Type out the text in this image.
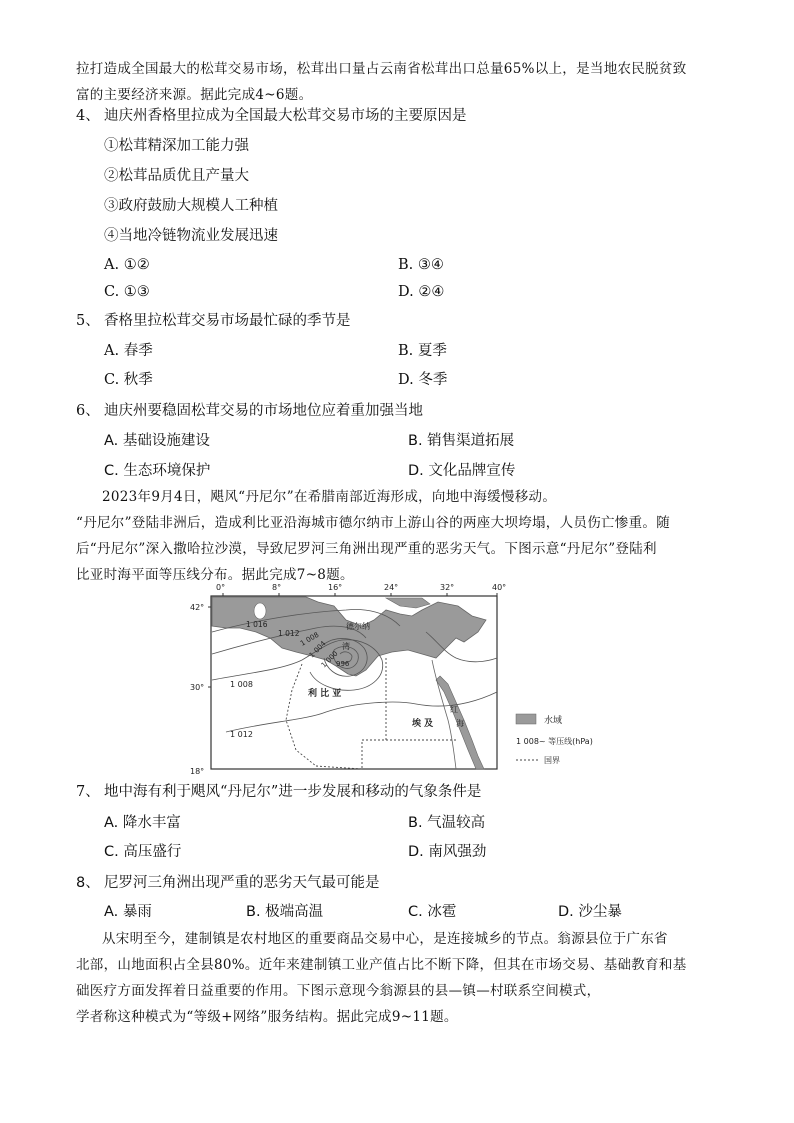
拉打造成全国最大的松茸交易市场，松茸出口量占云南省松茸出口总量65%以上，是当地农民脱贫致
富的主要经济来源。据此完成4~6题。
4、 迪庆州香格里拉成为全国最大松茸交易市场的主要原因是
①松茸精深加工能力强
②松茸品质优且产量大
③政府鼓励大规模人工种植
④当地冷链物流业发展迅速
A. ①②	B. ③④
C. ①③	D. ②④
5、 香格里拉松茸交易市场最忙碌的季节是
A. 春季	B. 夏季
C. 秋季	D. 冬季
6、 迪庆州要稳固松茸交易的市场地位应着重加强当地
A. 基础设施建设	B. 销售渠道拓展
C. 生态环境保护	D. 文化品牌宣传
2023年9月4日，飓风“丹尼尔”在希腊南部近海形成，向地中海缓慢移动。
“丹尼尔”登陆非洲后，造成利比亚沿海城市德尔纳市上游山谷的两座大坝垮塌，人员伤亡惨重。随
后“丹尼尔”深入撒哈拉沙漠，导致尼罗河三角洲出现严重的恶劣天气。下图示意“丹尼尔”登陆利
比亚时海平面等压线分布。据此完成7~8题。
0°	8°	16°	24°	32°	40°
42°
30°
18°
1 016
1 012 1 008
1 004
1 000
996
1 008
1 012
德尔纳
湾
利 比 亚
埃 及
红
海	水域
1 008~ 等压线(hPa)
国界
7、 地中海有利于飓风“丹尼尔”进一步发展和移动的气象条件是
A. 降水丰富	B. 气温较高
C. 高压盛行	D. 南风强劲
8、 尼罗河三角洲出现严重的恶劣天气最可能是
A. 暴雨	B. 极端高温	C. 冰雹	D. 沙尘暴
从宋明至今，建制镇是农村地区的重要商品交易中心，是连接城乡的节点。翁源县位于广东省
北部，山地面积占全县80%。近年来建制镇工业产值占比不断下降，但其在市场交易、基础教育和基
础医疗方面发挥着日益重要的作用。下图示意现今翁源县的县—镇—村联系空间模式，
学者称这种模式为“等级+网络”服务结构。据此完成9~11题。
